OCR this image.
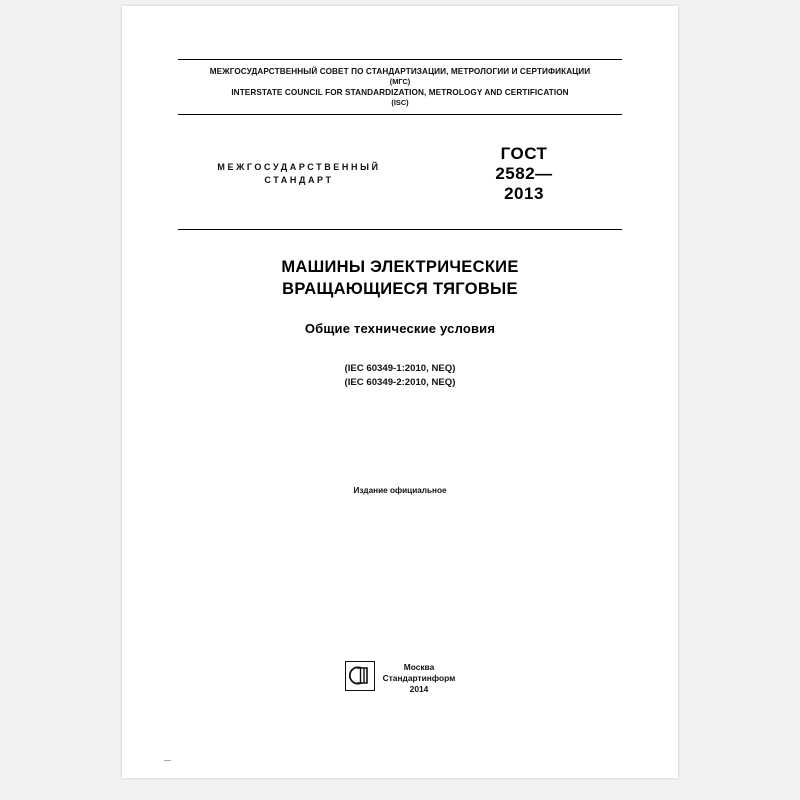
МЕЖГОСУДАРСТВЕННЫЙ СОВЕТ ПО СТАНДАРТИЗАЦИИ, МЕТРОЛОГИИ И СЕРТИФИКАЦИИ
(МГС)
INTERSTATE COUNCIL FOR STANDARDIZATION, METROLOGY AND CERTIFICATION
(ISC)
МЕЖГОСУДАРСТВЕННЫЙ
СТАНДАРТ
ГОСТ
2582—
2013
МАШИНЫ ЭЛЕКТРИЧЕСКИЕ
ВРАЩАЮЩИЕСЯ ТЯГОВЫЕ
Общие технические условия
(IEC 60349-1:2010, NEQ)
(IEC 60349-2:2010, NEQ)
Издание официальное
Москва
Стандартинформ
2014
—
